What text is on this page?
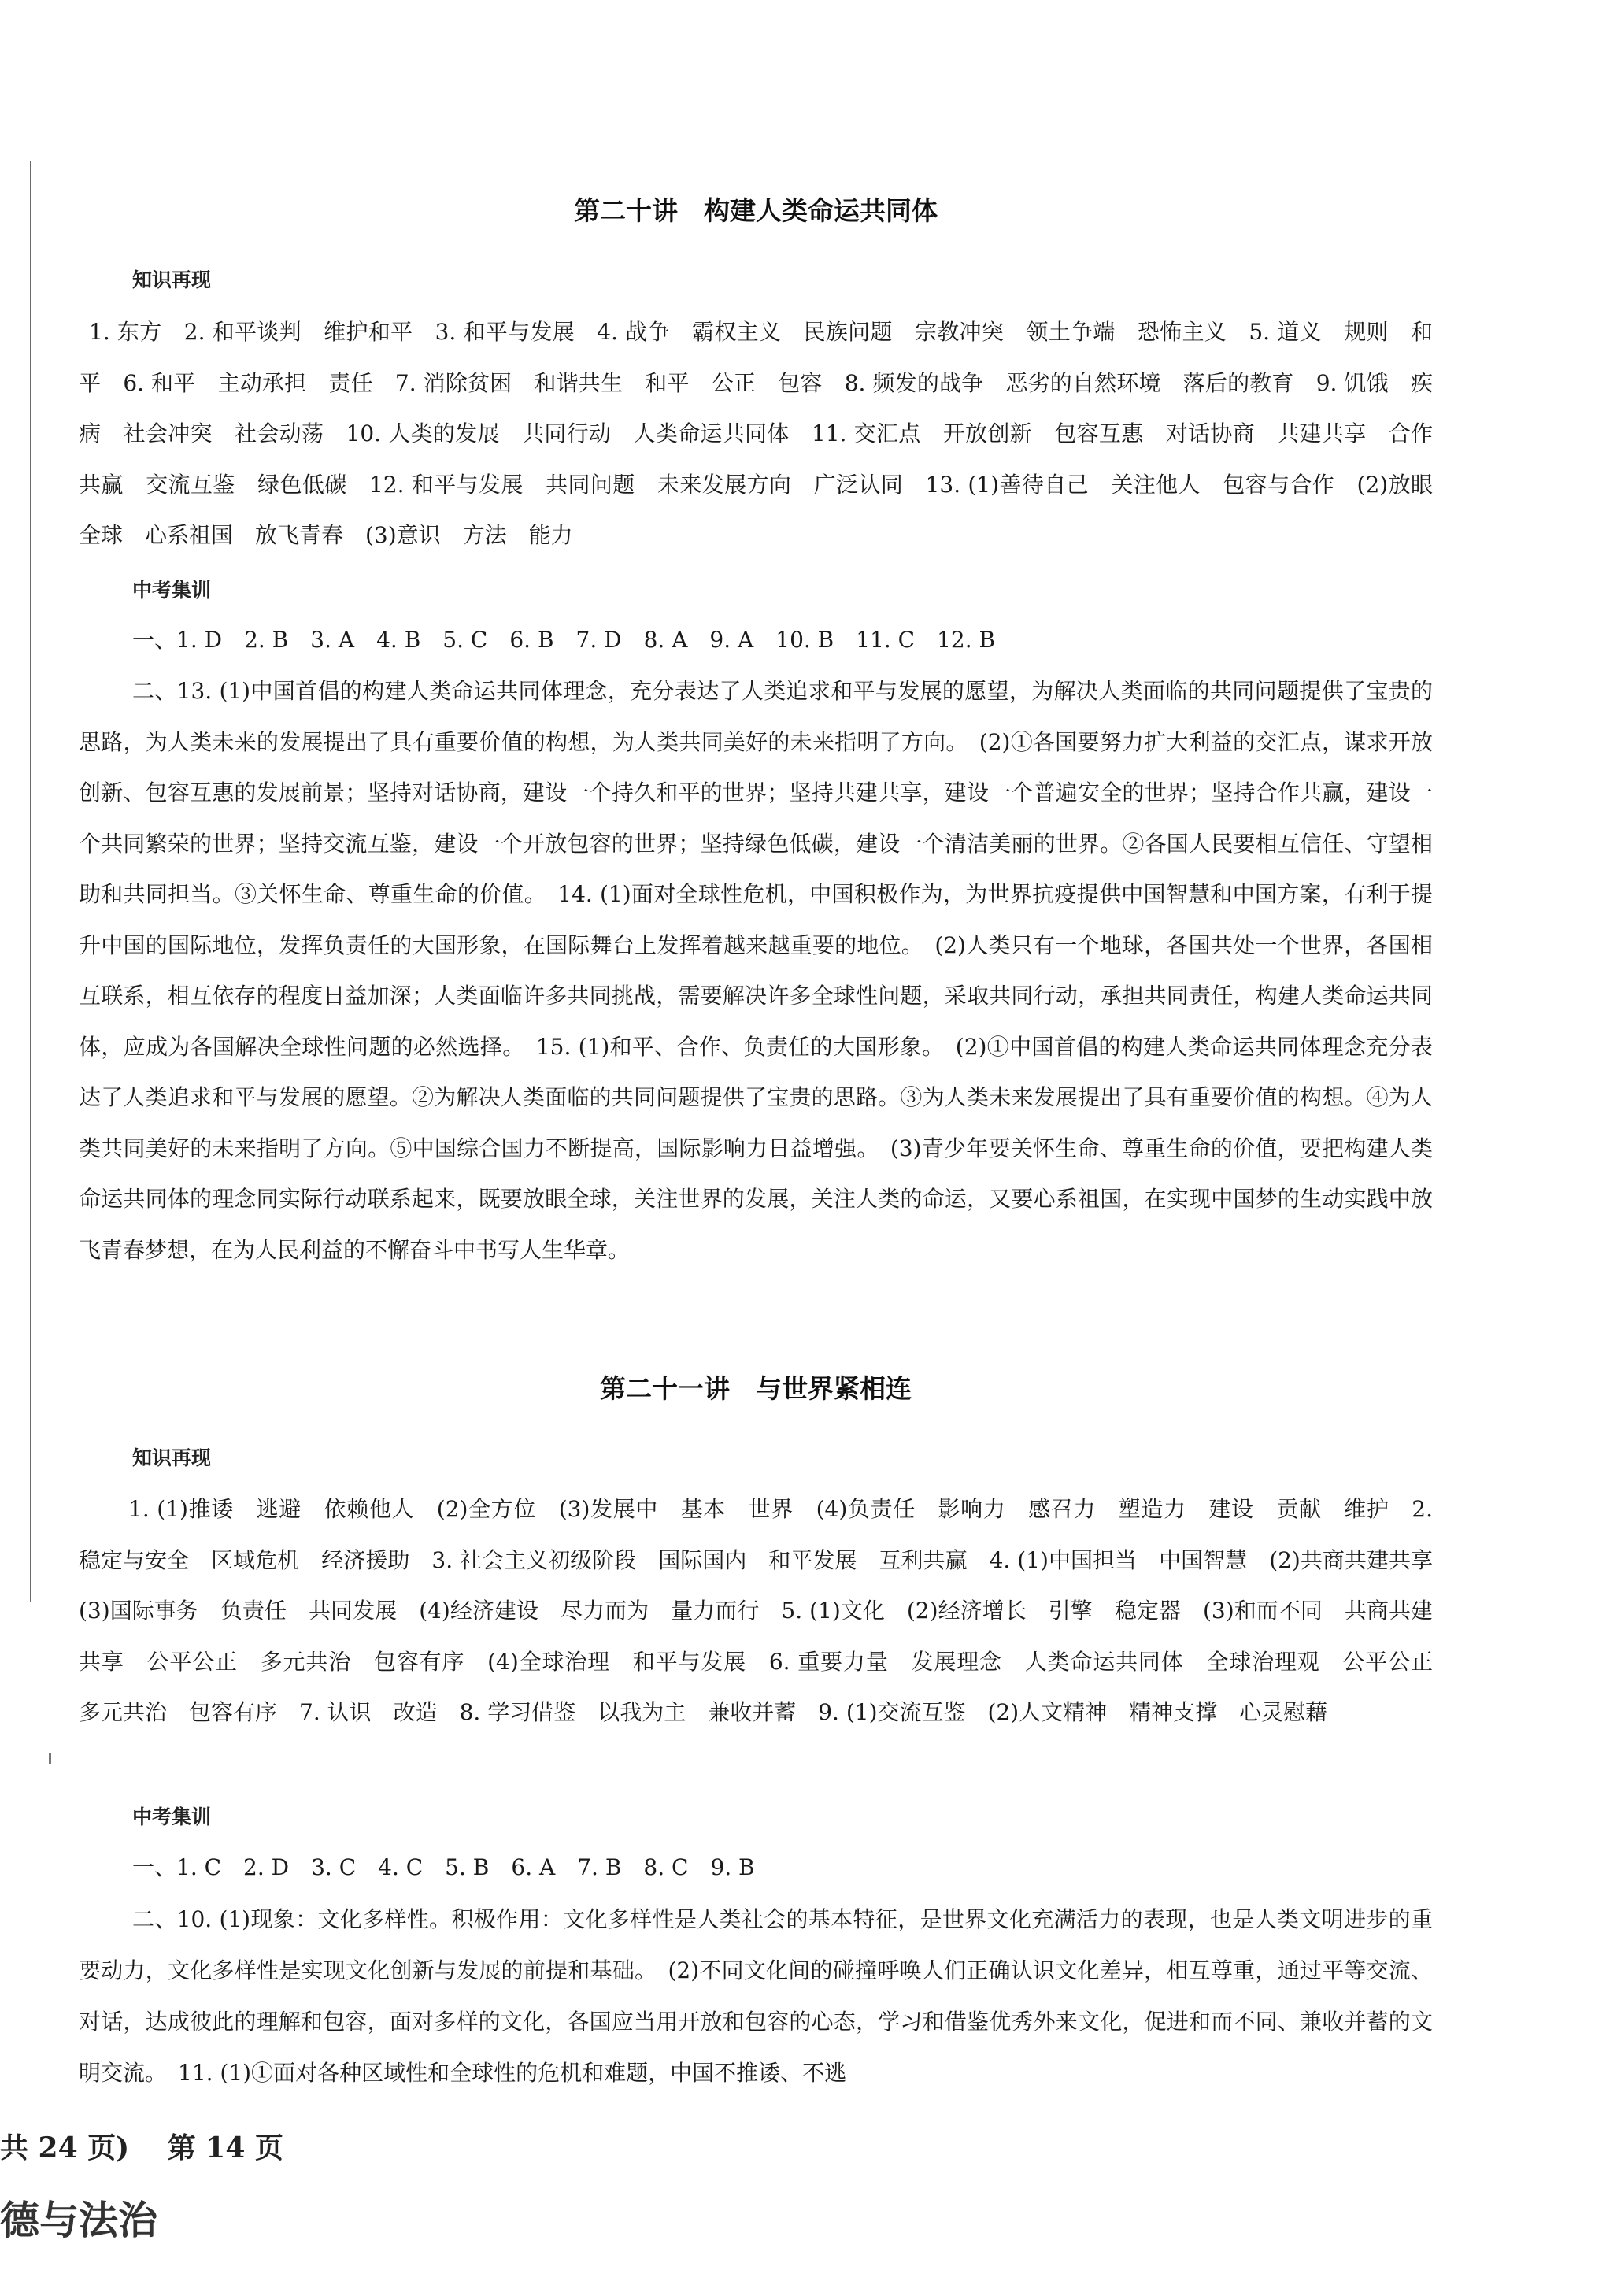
第二十讲　构建人类命运共同体
知识再现

1. 东方　2. 和平谈判　维护和平　3. 和平与发展　4. 战争　霸权主义　民族问题　宗教冲突　领土争端　恐怖主义　5. 道义　规则　和平　6. 和平　主动承担　责任　7. 消除贫困　和谐共生　和平　公正　包容　8. 频发的战争　恶劣的自然环境　落后的教育　9. 饥饿　疾病　社会冲突　社会动荡　10. 人类的发展　共同行动　人类命运共同体　11. 交汇点　开放创新　包容互惠　对话协商　共建共享　合作共赢　交流互鉴　绿色低碳　12. 和平与发展　共同问题　未来发展方向　广泛认同　13. (1)善待自己　关注他人　包容与合作　(2)放眼全球　心系祖国　放飞青春　(3)意识　方法　能力

中考集训

一、1. D　2. B　3. A　4. B　5. C　6. B　7. D　8. A　9. A　10. B　11. C　12. B

二、13. (1)中国首倡的构建人类命运共同体理念，充分表达了人类追求和平与发展的愿望，为解决人类面临的共同问题提供了宝贵的思路，为人类未来的发展提出了具有重要价值的构想，为人类共同美好的未来指明了方向。　(2)①各国要努力扩大利益的交汇点，谋求开放创新、包容互惠的发展前景；坚持对话协商，建设一个持久和平的世界；坚持共建共享，建设一个普遍安全的世界；坚持合作共赢，建设一个共同繁荣的世界；坚持交流互鉴，建设一个开放包容的世界；坚持绿色低碳，建设一个清洁美丽的世界。②各国人民要相互信任、守望相助和共同担当。③关怀生命、尊重生命的价值。　14. (1)面对全球性危机，中国积极作为，为世界抗疫提供中国智慧和中国方案，有利于提升中国的国际地位，发挥负责任的大国形象，在国际舞台上发挥着越来越重要的地位。　(2)人类只有一个地球，各国共处一个世界，各国相互联系，相互依存的程度日益加深；人类面临许多共同挑战，需要解决许多全球性问题，采取共同行动，承担共同责任，构建人类命运共同体，应成为各国解决全球性问题的必然选择。　15. (1)和平、合作、负责任的大国形象。　(2)①中国首倡的构建人类命运共同体理念充分表达了人类追求和平与发展的愿望。②为解决人类面临的共同问题提供了宝贵的思路。③为人类未来发展提出了具有重要价值的构想。④为人类共同美好的未来指明了方向。⑤中国综合国力不断提高，国际影响力日益增强。　(3)青少年要关怀生命、尊重生命的价值，要把构建人类命运共同体的理念同实际行动联系起来，既要放眼全球，关注世界的发展，关注人类的命运，又要心系祖国，在实现中国梦的生动实践中放飞青春梦想，在为人民利益的不懈奋斗中书写人生华章。

第二十一讲　与世界紧相连
知识再现

1. (1)推诿　逃避　依赖他人　(2)全方位　(3)发展中　基本　世界　(4)负责任　影响力　感召力　塑造力　建设　贡献　维护　2. 稳定与安全　区域危机　经济援助　3. 社会主义初级阶段　国际国内　和平发展　互利共赢　4. (1)中国担当　中国智慧　(2)共商共建共享　(3)国际事务　负责任　共同发展　(4)经济建设　尽力而为　量力而行　5. (1)文化　(2)经济增长　引擎　稳定器　(3)和而不同　共商共建共享　公平公正　多元共治　包容有序　(4)全球治理　和平与发展　6. 重要力量　发展理念　人类命运共同体　全球治理观　公平公正　多元共治　包容有序　7. 认识　改造　8. 学习借鉴　以我为主　兼收并蓄　9. (1)交流互鉴　(2)人文精神　精神支撑　心灵慰藉

中考集训

一、1. C　2. D　3. C　4. C　5. B　6. A　7. B　8. C　9. B

二、10. (1)现象：文化多样性。积极作用：文化多样性是人类社会的基本特征，是世界文化充满活力的表现，也是人类文明进步的重要动力，文化多样性是实现文化创新与发展的前提和基础。　(2)不同文化间的碰撞呼唤人们正确认识文化差异，相互尊重，通过平等交流、对话，达成彼此的理解和包容，面对多样的文化，各国应当用开放和包容的心态，学习和借鉴优秀外来文化，促进和而不同、兼收并蓄的文明交流。　11. (1)①面对各种区域性和全球性的危机和难题，中国不推诿、不逃

共 24 页)　 第 14 页
德与法治
